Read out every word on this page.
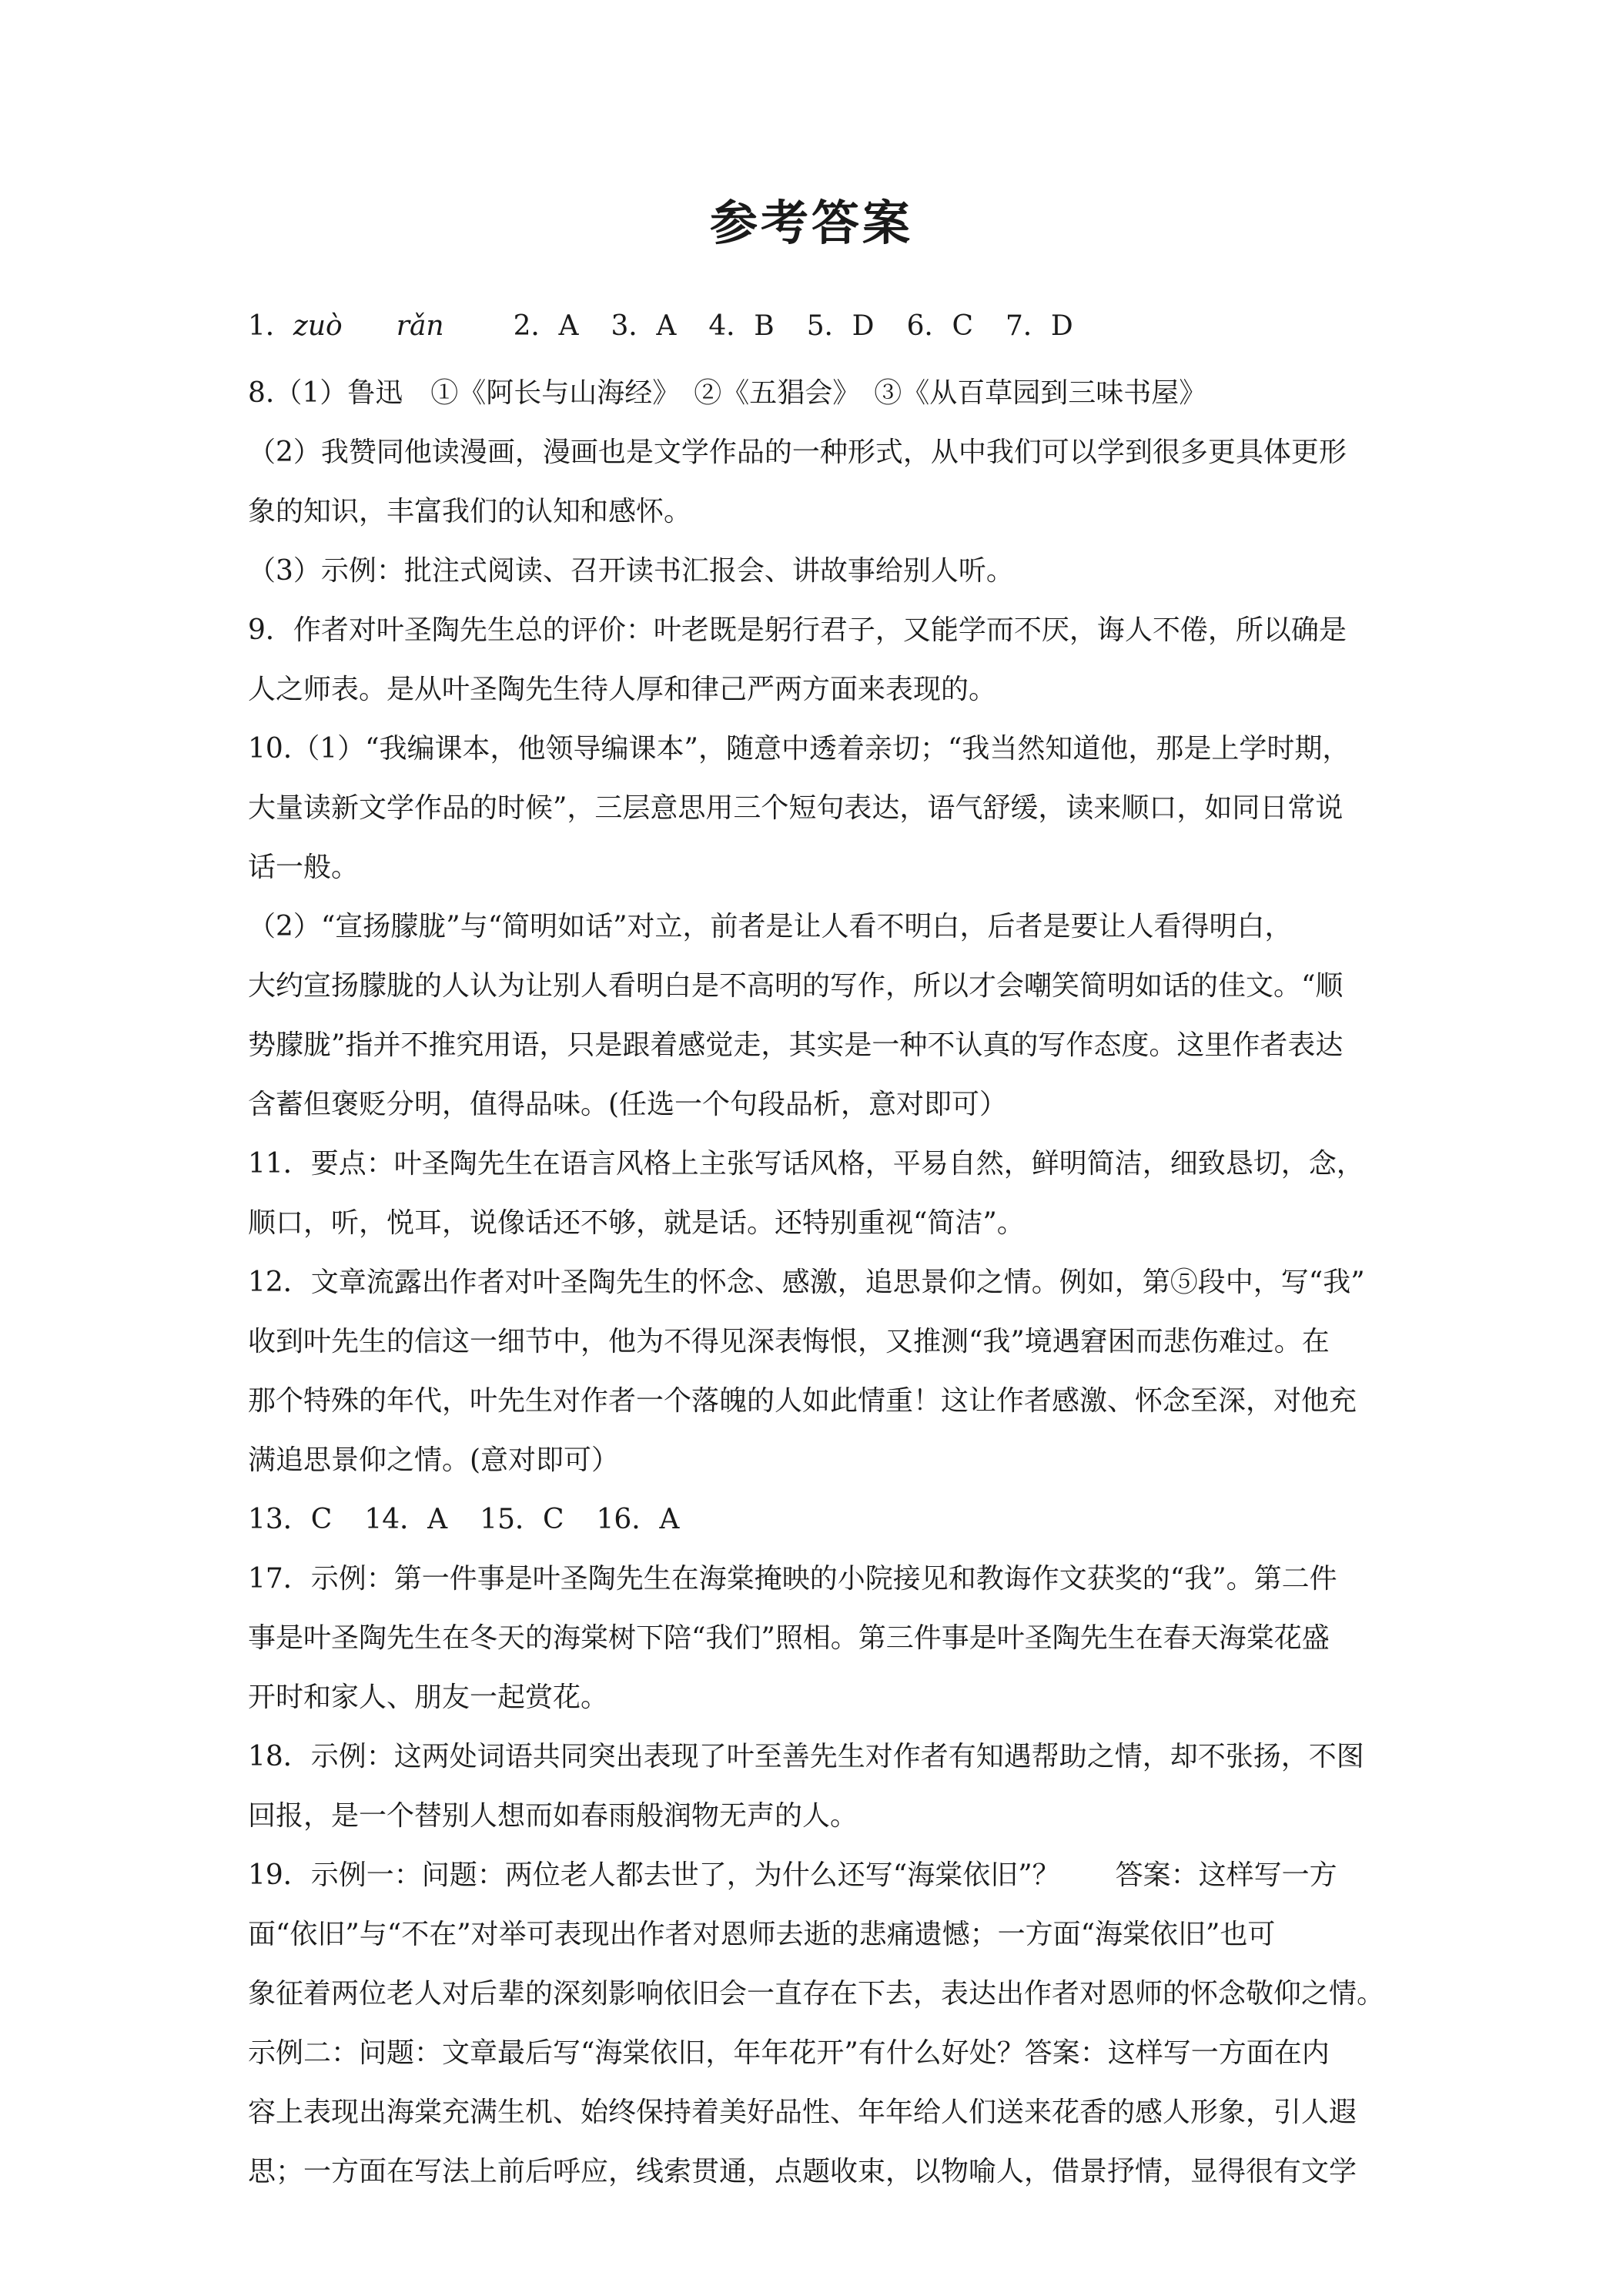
参考答案
1．zuò rǎn	2．A 3．A 4．B 5．D 6．C 7．D
8.（1）鲁迅　①《阿长与山海经》　②《五猖会》　③《从百草园到三味书屋》
（2）我赞同他读漫画，漫画也是文学作品的一种形式，从中我们可以学到很多更具体更形
象的知识，丰富我们的认知和感怀。
（3）示例：批注式阅读、召开读书汇报会、讲故事给别人听。
9．作者对叶圣陶先生总的评价：叶老既是躬行君子，又能学而不厌，诲人不倦，所以确是
人之师表。是从叶圣陶先生待人厚和律己严两方面来表现的。
10.（1）“我编课本，他领导编课本”，随意中透着亲切；“我当然知道他，那是上学时期，
大量读新文学作品的时候”，三层意思用三个短句表达，语气舒缓，读来顺口，如同日常说
话一般。
（2）“宣扬朦胧”与“简明如话”对立，前者是让人看不明白，后者是要让人看得明白，
大约宣扬朦胧的人认为让别人看明白是不高明的写作，所以才会嘲笑简明如话的佳文。“顺
势朦胧”指并不推究用语，只是跟着感觉走，其实是一种不认真的写作态度。这里作者表达
含蓄但褒贬分明，值得品味。(任选一个句段品析，意对即可）
11．要点：叶圣陶先生在语言风格上主张写话风格，平易自然，鲜明简洁，细致恳切，念，
顺口，听，悦耳，说像话还不够，就是话。还特别重视“简洁”。
12．文章流露出作者对叶圣陶先生的怀念、感激，追思景仰之情。例如，第⑤段中，写“我”
收到叶先生的信这一细节中，他为不得见深表悔恨，又推测“我”境遇窘困而悲伤难过。在
那个特殊的年代，叶先生对作者一个落魄的人如此情重！这让作者感激、怀念至深，对他充
满追思景仰之情。(意对即可）
13．C 14．A 15．C 16．A
17．示例：第一件事是叶圣陶先生在海棠掩映的小院接见和教诲作文获奖的“我”。第二件
事是叶圣陶先生在冬天的海棠树下陪“我们”照相。第三件事是叶圣陶先生在春天海棠花盛
开时和家人、朋友一起赏花。
18．示例：这两处词语共同突出表现了叶至善先生对作者有知遇帮助之情，却不张扬，不图
回报，是一个替别人想而如春雨般润物无声的人。
19．示例一：问题：两位老人都去世了，为什么还写“海棠依旧”？　　答案：这样写一方
面“依旧”与“不在”对举可表现出作者对恩师去逝的悲痛遗憾；一方面“海棠依旧”也可
象征着两位老人对后辈的深刻影响依旧会一直存在下去，表达出作者对恩师的怀念敬仰之情。
示例二：问题：文章最后写“海棠依旧，年年花开”有什么好处？答案：这样写一方面在内
容上表现出海棠充满生机、始终保持着美好品性、年年给人们送来花香的感人形象，引人遐
思；一方面在写法上前后呼应，线索贯通，点题收束，以物喻人，借景抒情，显得很有文学
